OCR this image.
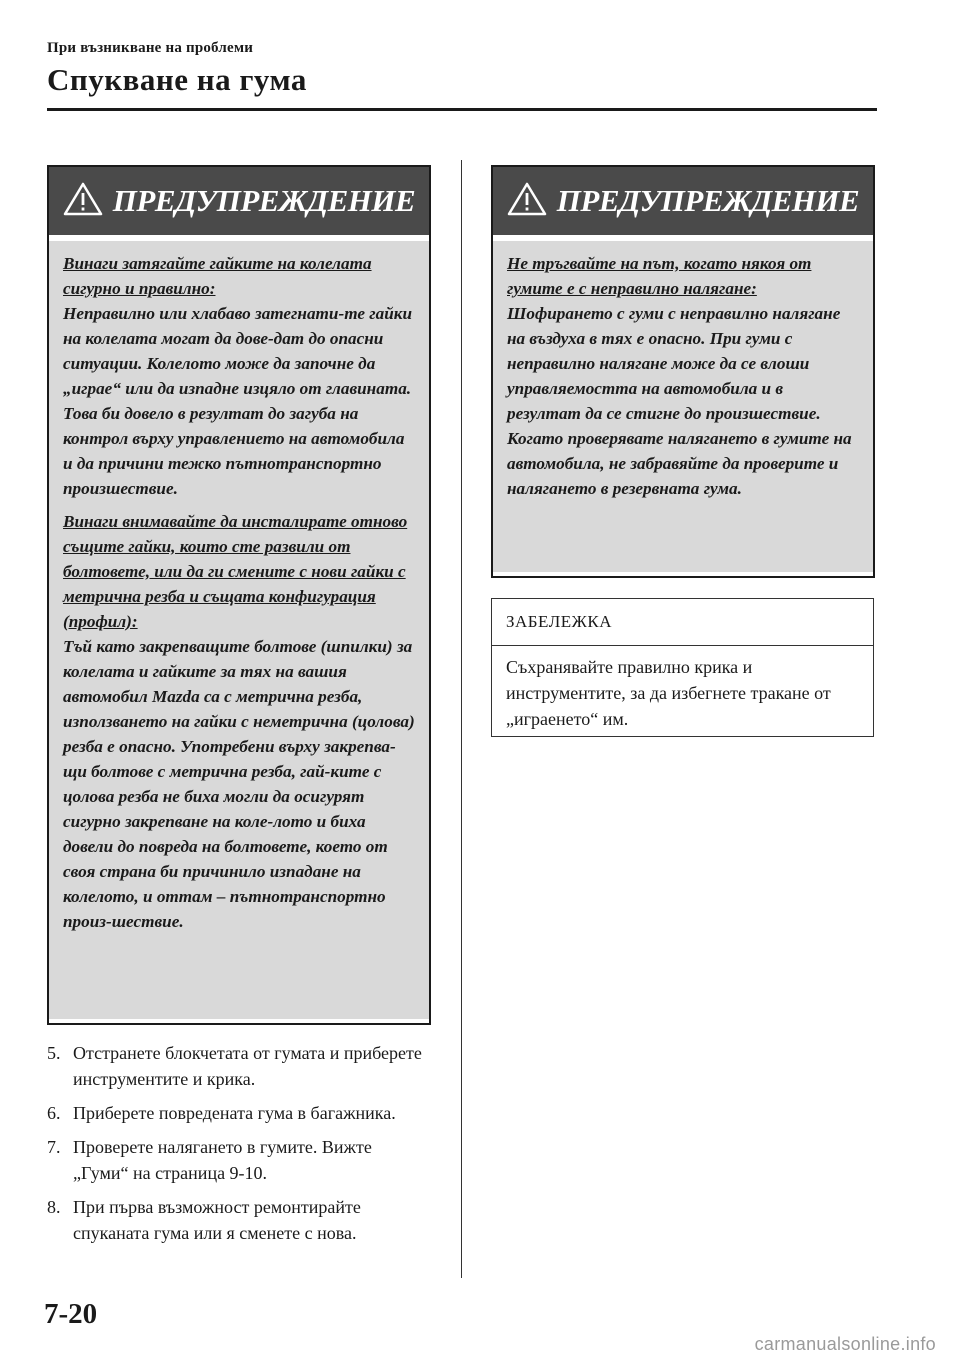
При възникване на проблеми
Спукване на гума
ПРЕДУПРЕЖДЕНИЕ

Винаги затягайте гайките на колелата сигурно и правилно:

Неправилно или хлабаво затегнати-те гайки на колелата могат да дове-дат до опасни ситуации. Колелото може да започне да „играе“ или да изпадне изцяло от главината.

Това би довело в резултат до загуба на контрол върху управлението на автомобила и да причини тежко пътнотранспортно произшествие.

Винаги внимавайте да инсталирате отново същите гайки, които сте развили от болтовете, или да ги смените с нови гайки с метрична резба и същата конфигурация (профил):

Тъй като закрепващите болтове (шпилки) за колелата и гайките за тях на вашия автомобил Mazda са с метрична резба, използването на гайки с неметрична (цолова) резба е опасно. Употребени върху закрепва-щи болтове с метрична резба, гай-ките с цолова резба не биха могли да осигурят сигурно закрепване на коле-лото и биха довели до повреда на болтовете, което от своя страна би причинило изпадане на колелото, и оттам – пътнотранспортно произ-шествие.

ПРЕДУПРЕЖДЕНИЕ

Не тръгвайте на път, когато някоя от гумите е с неправилно налягане:

Шофирането с гуми с неправилно налягане на въздуха в тях е опасно. При гуми с неправилно налягане може да се влоши управляемостта на автомобила и в резултат да се стигне до произшествие. Когато проверявате налягането в гумите на автомобила, не забравяйте да проверите и налягането в резервната гума.

ЗАБЕЛЕЖКА
Съхранявайте правилно крика и инструментите, за да избегнете тракане от „играенето“ им.
5. Отстранете блокчетата от гумата и приберете инструментите и крика.
6. Приберете повредената гума в багажника.
7. Проверете налягането в гумите. Вижте „Гуми“ на страница 9-10.
8. При първа възможност ремонтирайте спуканата гума или я сменете с нова.
7-20
carmanualsonline.info
